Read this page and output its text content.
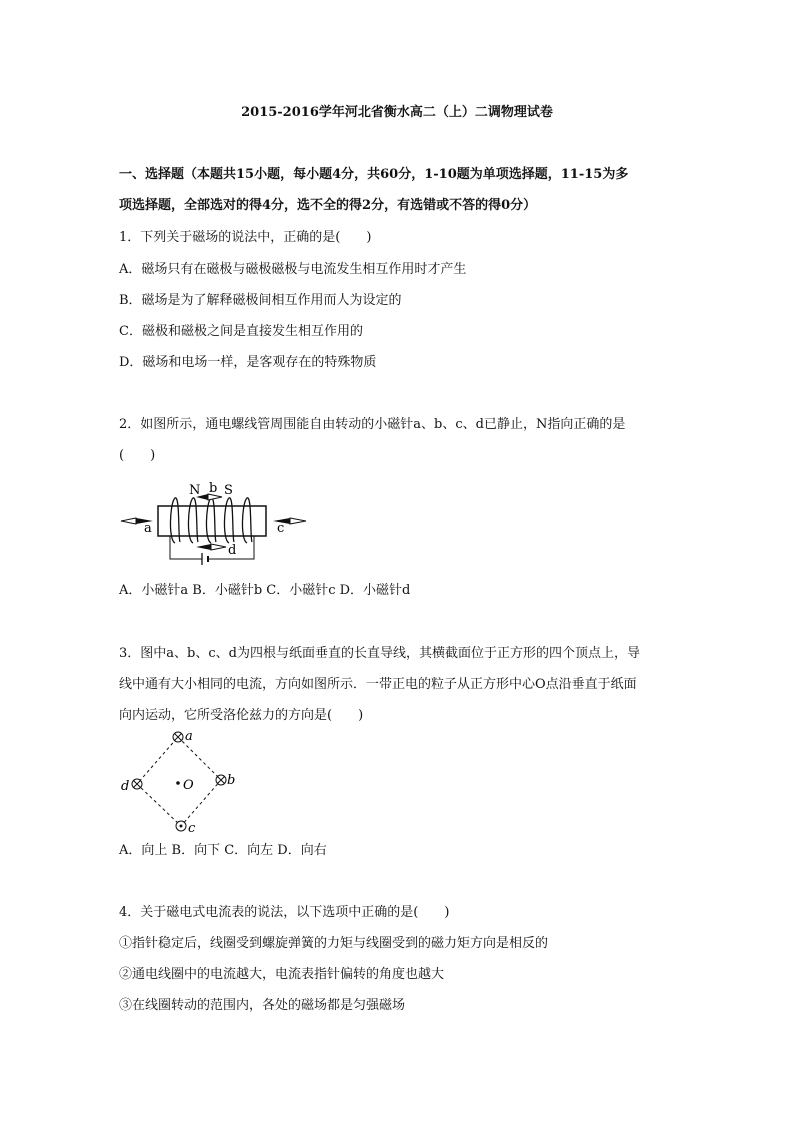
2015-2016学年河北省衡水高二（上）二调物理试卷
一、选择题（本题共15小题，每小题4分，共60分，1-10题为单项选择题，11-15为多
项选择题，全部选对的得4分，选不全的得2分，有选错或不答的得0分）
1．下列关于磁场的说法中，正确的是(　　)
A．磁场只有在磁极与磁极磁极与电流发生相互作用时才产生
B．磁场是为了解释磁极间相互作用而人为设定的
C．磁极和磁极之间是直接发生相互作用的
D．磁场和电场一样，是客观存在的特殊物质
2．如图所示，通电螺线管周围能自由转动的小磁针a、b、c、d已静止，N指向正确的是
(　　)
N b S
a	c
d
A．小磁针a B．小磁针b C．小磁针c D．小磁针d
3．图中a、b、c、d为四根与纸面垂直的长直导线，其横截面位于正方形的四个顶点上，导
线中通有大小相同的电流，方向如图所示．一带正电的粒子从正方形中心O点沿垂直于纸面
向内运动，它所受洛伦兹力的方向是(　　)
a
b
c
d	O
A．向上 B．向下 C．向左 D．向右
4．关于磁电式电流表的说法，以下选项中正确的是(　　)
①指针稳定后，线圈受到螺旋弹簧的力矩与线圈受到的磁力矩方向是相反的
②通电线圈中的电流越大，电流表指针偏转的角度也越大
③在线圈转动的范围内，各处的磁场都是匀强磁场
